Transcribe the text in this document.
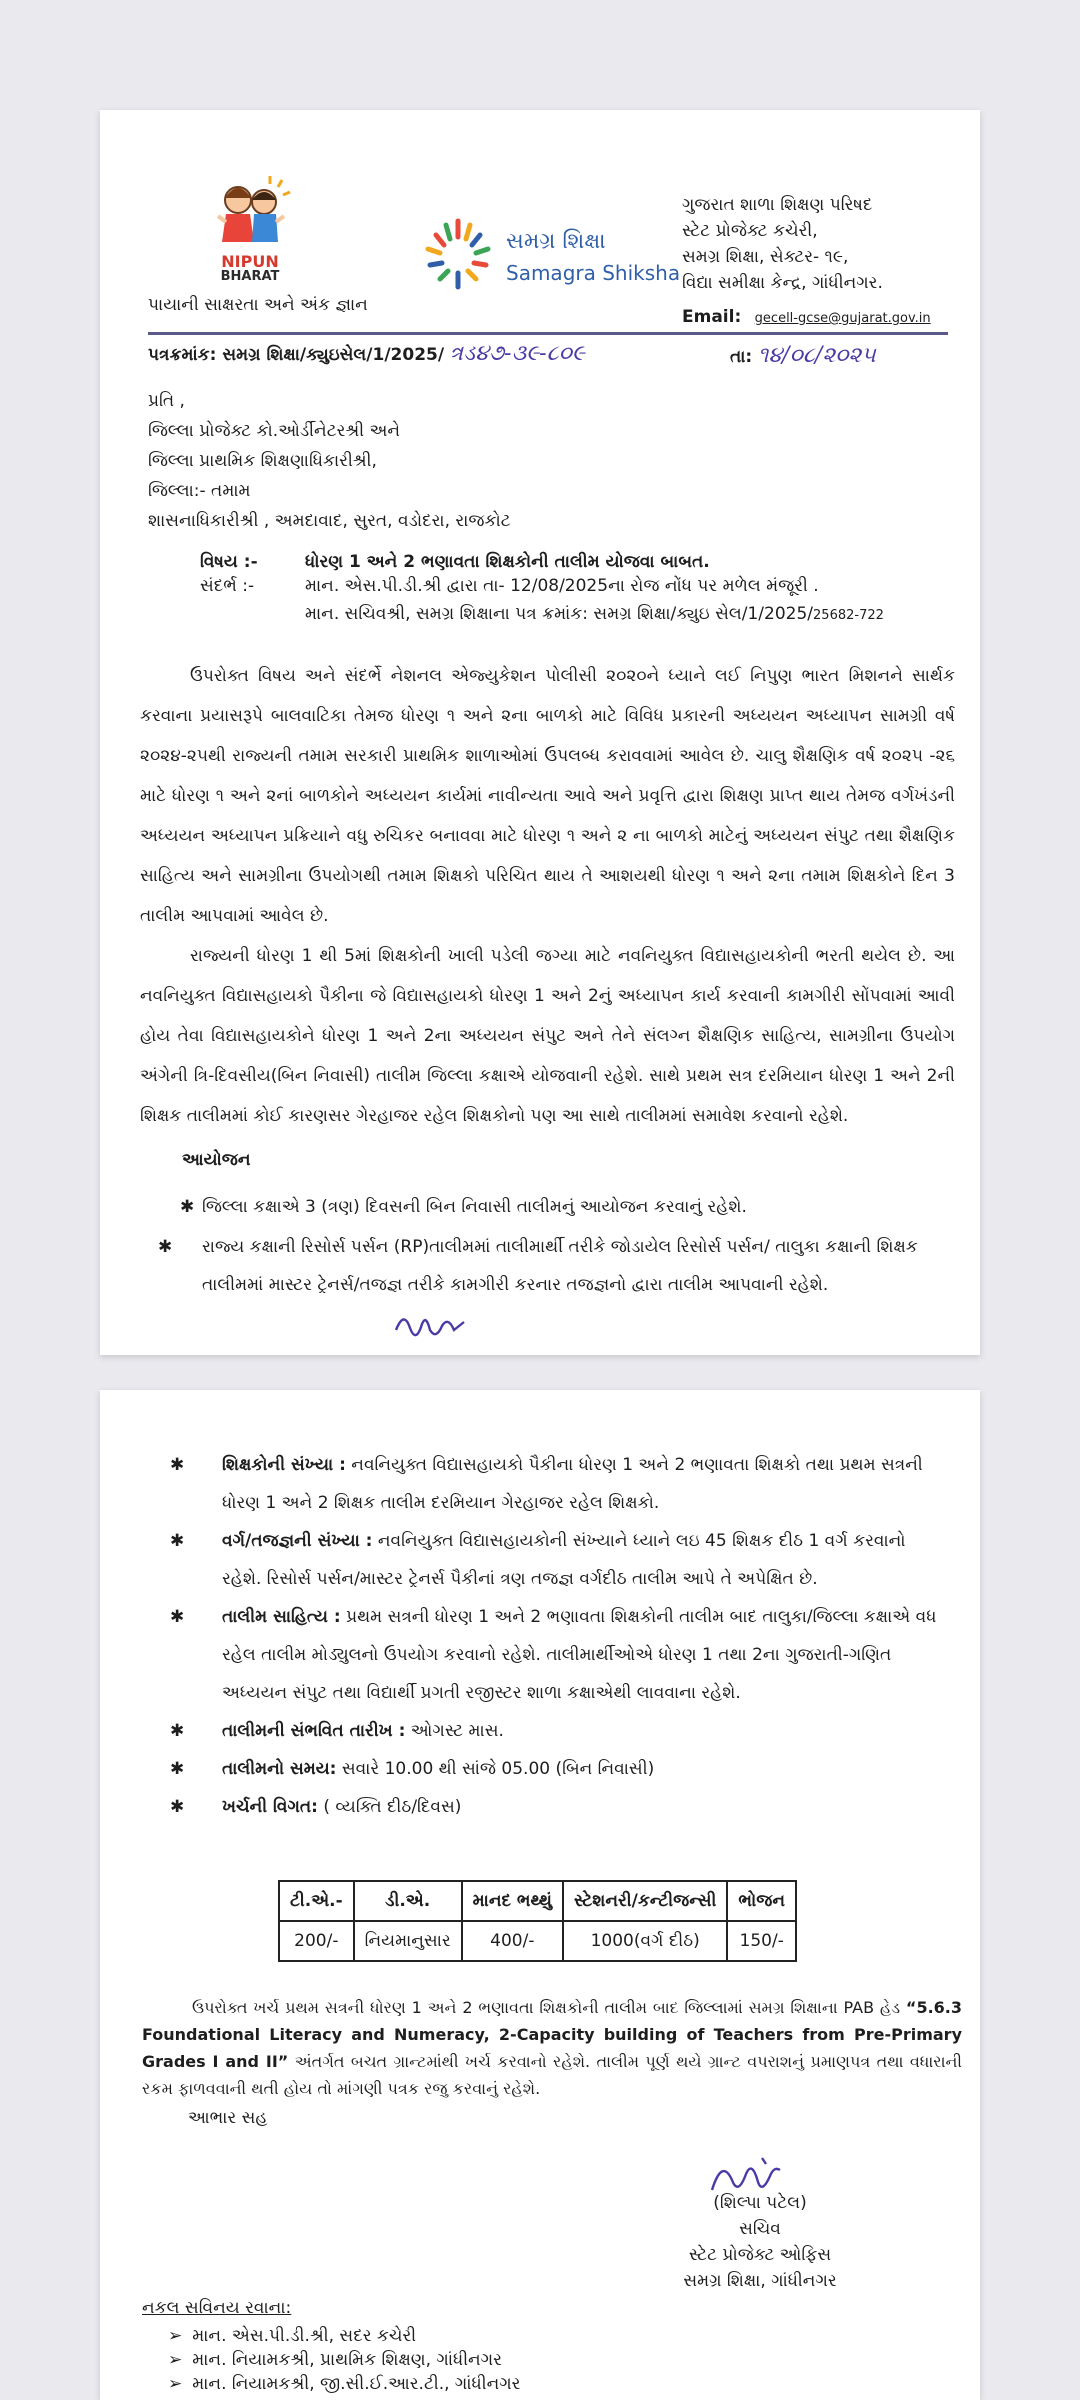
NIPUN
BHARAT
પાયાની સાક્ષરતા અને અંક જ્ઞાન
સમગ્ર શિક્ષા
Samagra Shiksha
ગુજરાત શાળા શિક્ષણ પરિષદ
સ્ટેટ પ્રોજેક્ટ કચેરી,
સમગ્ર શિક્ષા, સેક્ટર- ૧૯,
વિદ્યા સમીક્ષા કેન્દ્ર, ગાંધીનગર.
Email: gecell-gcse@gujarat.gov.in
પત્રક્રમાંક: સમગ્ર શિક્ષા/ક્યુઇસેલ/1/2025/ ત્રડ૪૭-૩૯-૮૦૯	તા: ૧૪/૦૮/૨૦૨૫
પ્રતિ ,
જિલ્લા પ્રોજેક્ટ કો.ઓર્ડીનેટરશ્રી અને
જિલ્લા પ્રાથમિક શિક્ષણાધિકારીશ્રી,
જિલ્લા:- તમામ
શાસનાધિકારીશ્રી , અમદાવાદ, સુરત, વડોદરા, રાજકોટ
વિષય :-	ધોરણ 1 અને 2 ભણાવતા શિક્ષકોની તાલીમ યોજવા બાબત.
સંદર્ભ :-	માન. એસ.પી.ડી.શ્રી દ્વારા તા- 12/08/2025ના રોજ નોંધ પર મળેલ મંજૂરી .
માન. સચિવશ્રી, સમગ્ર શિક્ષાના પત્ર ક્રમાંક: સમગ્ર શિક્ષા/ક્યુઇ સેલ/1/2025/25682-722
ઉપરોક્ત વિષય અને સંદર્ભે નેશનલ એજ્યુકેશન પોલીસી ૨૦૨૦ને ધ્યાને લઈ નિપુણ ભારત મિશનને સાર્થક કરવાના પ્રયાસરૂપે બાલવાટિકા તેમજ ધોરણ ૧ અને ૨ના બાળકો માટે વિવિધ પ્રકારની અધ્યયન અધ્યાપન સામગ્રી વર્ષ ૨૦૨૪-૨૫થી રાજ્યની તમામ સરકારી પ્રાથમિક શાળાઓમાં ઉપલબ્ધ કરાવવામાં આવેલ છે. ચાલુ શૈક્ષણિક વર્ષ ૨૦૨૫ -૨૬ માટે ધોરણ ૧ અને ૨નાં બાળકોને અધ્યયન કાર્યમાં નાવીન્યતા આવે અને પ્રવૃત્તિ દ્વારા શિક્ષણ પ્રાપ્ત થાય તેમજ વર્ગખંડની અધ્યયન અધ્યાપન પ્રક્રિયાને વધુ રુચિકર બનાવવા માટે ધોરણ ૧ અને ૨ ના બાળકો માટેનું અધ્યયન સંપુટ તથા શૈક્ષણિક સાહિત્ય અને સામગ્રીના ઉપયોગથી તમામ શિક્ષકો પરિચિત થાય તે આશયથી ધોરણ ૧ અને ૨ના તમામ શિક્ષકોને દિન 3 તાલીમ આપવામાં આવેલ છે.
રાજ્યની ધોરણ 1 થી 5માં શિક્ષકોની ખાલી પડેલી જગ્યા માટે નવનિયુક્ત વિદ્યાસહાયકોની ભરતી થયેલ છે. આ નવનિયુક્ત વિદ્યાસહાયકો પૈકીના જે વિદ્યાસહાયકો ધોરણ 1 અને 2નું અધ્યાપન કાર્ય કરવાની કામગીરી સોંપવામાં આવી હોય તેવા વિદ્યાસહાયકોને ધોરણ 1 અને 2ના અધ્યયન સંપુટ અને તેને સંલગ્ન શૈક્ષણિક સાહિત્ય, સામગ્રીના ઉપયોગ અંગેની ત્રિ-દિવસીય(બિન નિવાસી) તાલીમ જિલ્લા કક્ષાએ યોજવાની રહેશે. સાથે પ્રથમ સત્ર દરમિયાન ધોરણ 1 અને 2ની શિક્ષક તાલીમમાં કોઈ કારણસર ગેરહાજર રહેલ શિક્ષકોનો પણ આ સાથે તાલીમમાં સમાવેશ કરવાનો રહેશે.
આયોજન
✱ જિલ્લા કક્ષાએ 3 (ત્રણ) દિવસની બિન નિવાસી તાલીમનું આયોજન કરવાનું રહેશે.
✱ રાજ્ય કક્ષાની રિસોર્સ પર્સન (RP)તાલીમમાં તાલીમાર્થી તરીકે જોડાયેલ રિસોર્સ પર્સન/ તાલુકા કક્ષાની શિક્ષક તાલીમમાં માસ્ટર ટ્રેનર્સ/તજજ્ઞ તરીકે કામગીરી કરનાર તજજ્ઞનો દ્વારા તાલીમ આપવાની રહેશે.
✱ શિક્ષકોની સંખ્યા : નવનિયુક્ત વિદ્યાસહાયકો પૈકીના ધોરણ 1 અને 2 ભણાવતા શિક્ષકો તથા પ્રથમ સત્રની ધોરણ 1 અને 2 શિક્ષક તાલીમ દરમિયાન ગેરહાજર રહેલ શિક્ષકો.
✱ વર્ગ/તજજ્ઞની સંખ્યા : નવનિયુક્ત વિદ્યાસહાયકોની સંખ્યાને ધ્યાને લઇ 45 શિક્ષક દીઠ 1 વર્ગ કરવાનો રહેશે. રિસોર્સ પર્સન/માસ્ટર ટ્રેનર્સ પૈકીનાં ત્રણ તજજ્ઞ વર્ગદીઠ તાલીમ આપે તે અપેક્ષિત છે.
✱ તાલીમ સાહિત્ય : પ્રથમ સત્રની ધોરણ 1 અને 2 ભણાવતા શિક્ષકોની તાલીમ બાદ તાલુકા/જિલ્લા કક્ષાએ વધ રહેલ તાલીમ મોડ્યુલનો ઉપયોગ કરવાનો રહેશે. તાલીમાર્થીઓએ ધોરણ 1 તથા 2ના ગુજરાતી-ગણિત અધ્યયન સંપુટ તથા વિદ્યાર્થી પ્રગતી રજીસ્ટર શાળા કક્ષાએથી લાવવાના રહેશે.
✱ તાલીમની સંભવિત તારીખ : ઓગસ્ટ માસ.
✱ તાલીમનો સમય: સવારે 10.00 થી સાંજે 05.00 (બિન નિવાસી)
✱ ખર્ચની વિગત: ( વ્યક્તિ દીઠ/દિવસ)
ટી.એ.-	ડી.એ.	માનદ ભથ્થું	સ્ટેશનરી/કન્ટીજન્સી	ભોજન
200/-	નિયમાનુસાર	400/-	1000(વર્ગ દીઠ)	150/-
ઉપરોક્ત ખર્ચ પ્રથમ સત્રની ધોરણ 1 અને 2 ભણાવતા શિક્ષકોની તાલીમ બાદ જિલ્લામાં સમગ્ર શિક્ષાના PAB હેડ “5.6.3 Foundational Literacy and Numeracy, 2-Capacity building of Teachers from Pre-Primary Grades I and II” અંતર્ગત બચત ગ્રાન્ટમાંથી ખર્ચ કરવાનો રહેશે. તાલીમ પૂર્ણ થયે ગ્રાન્ટ વપરાશનું પ્રમાણપત્ર તથા વધારાની રકમ ફાળવવાની થતી હોય તો માંગણી પત્રક રજુ કરવાનું રહેશે.
આભાર સહ
(શિલ્પા પટેલ)
સચિવ
સ્ટેટ પ્રોજેક્ટ ઓફિસ
સમગ્ર શિક્ષા, ગાંધીનગર
નકલ સવિનય રવાના:
➢ માન. એસ.પી.ડી.શ્રી, સદર કચેરી
➢ માન. નિયામકશ્રી, પ્રાથમિક શિક્ષણ, ગાંધીનગર
➢ માન. નિયામકશ્રી, જી.સી.ઈ.આર.ટી., ગાંધીનગર
